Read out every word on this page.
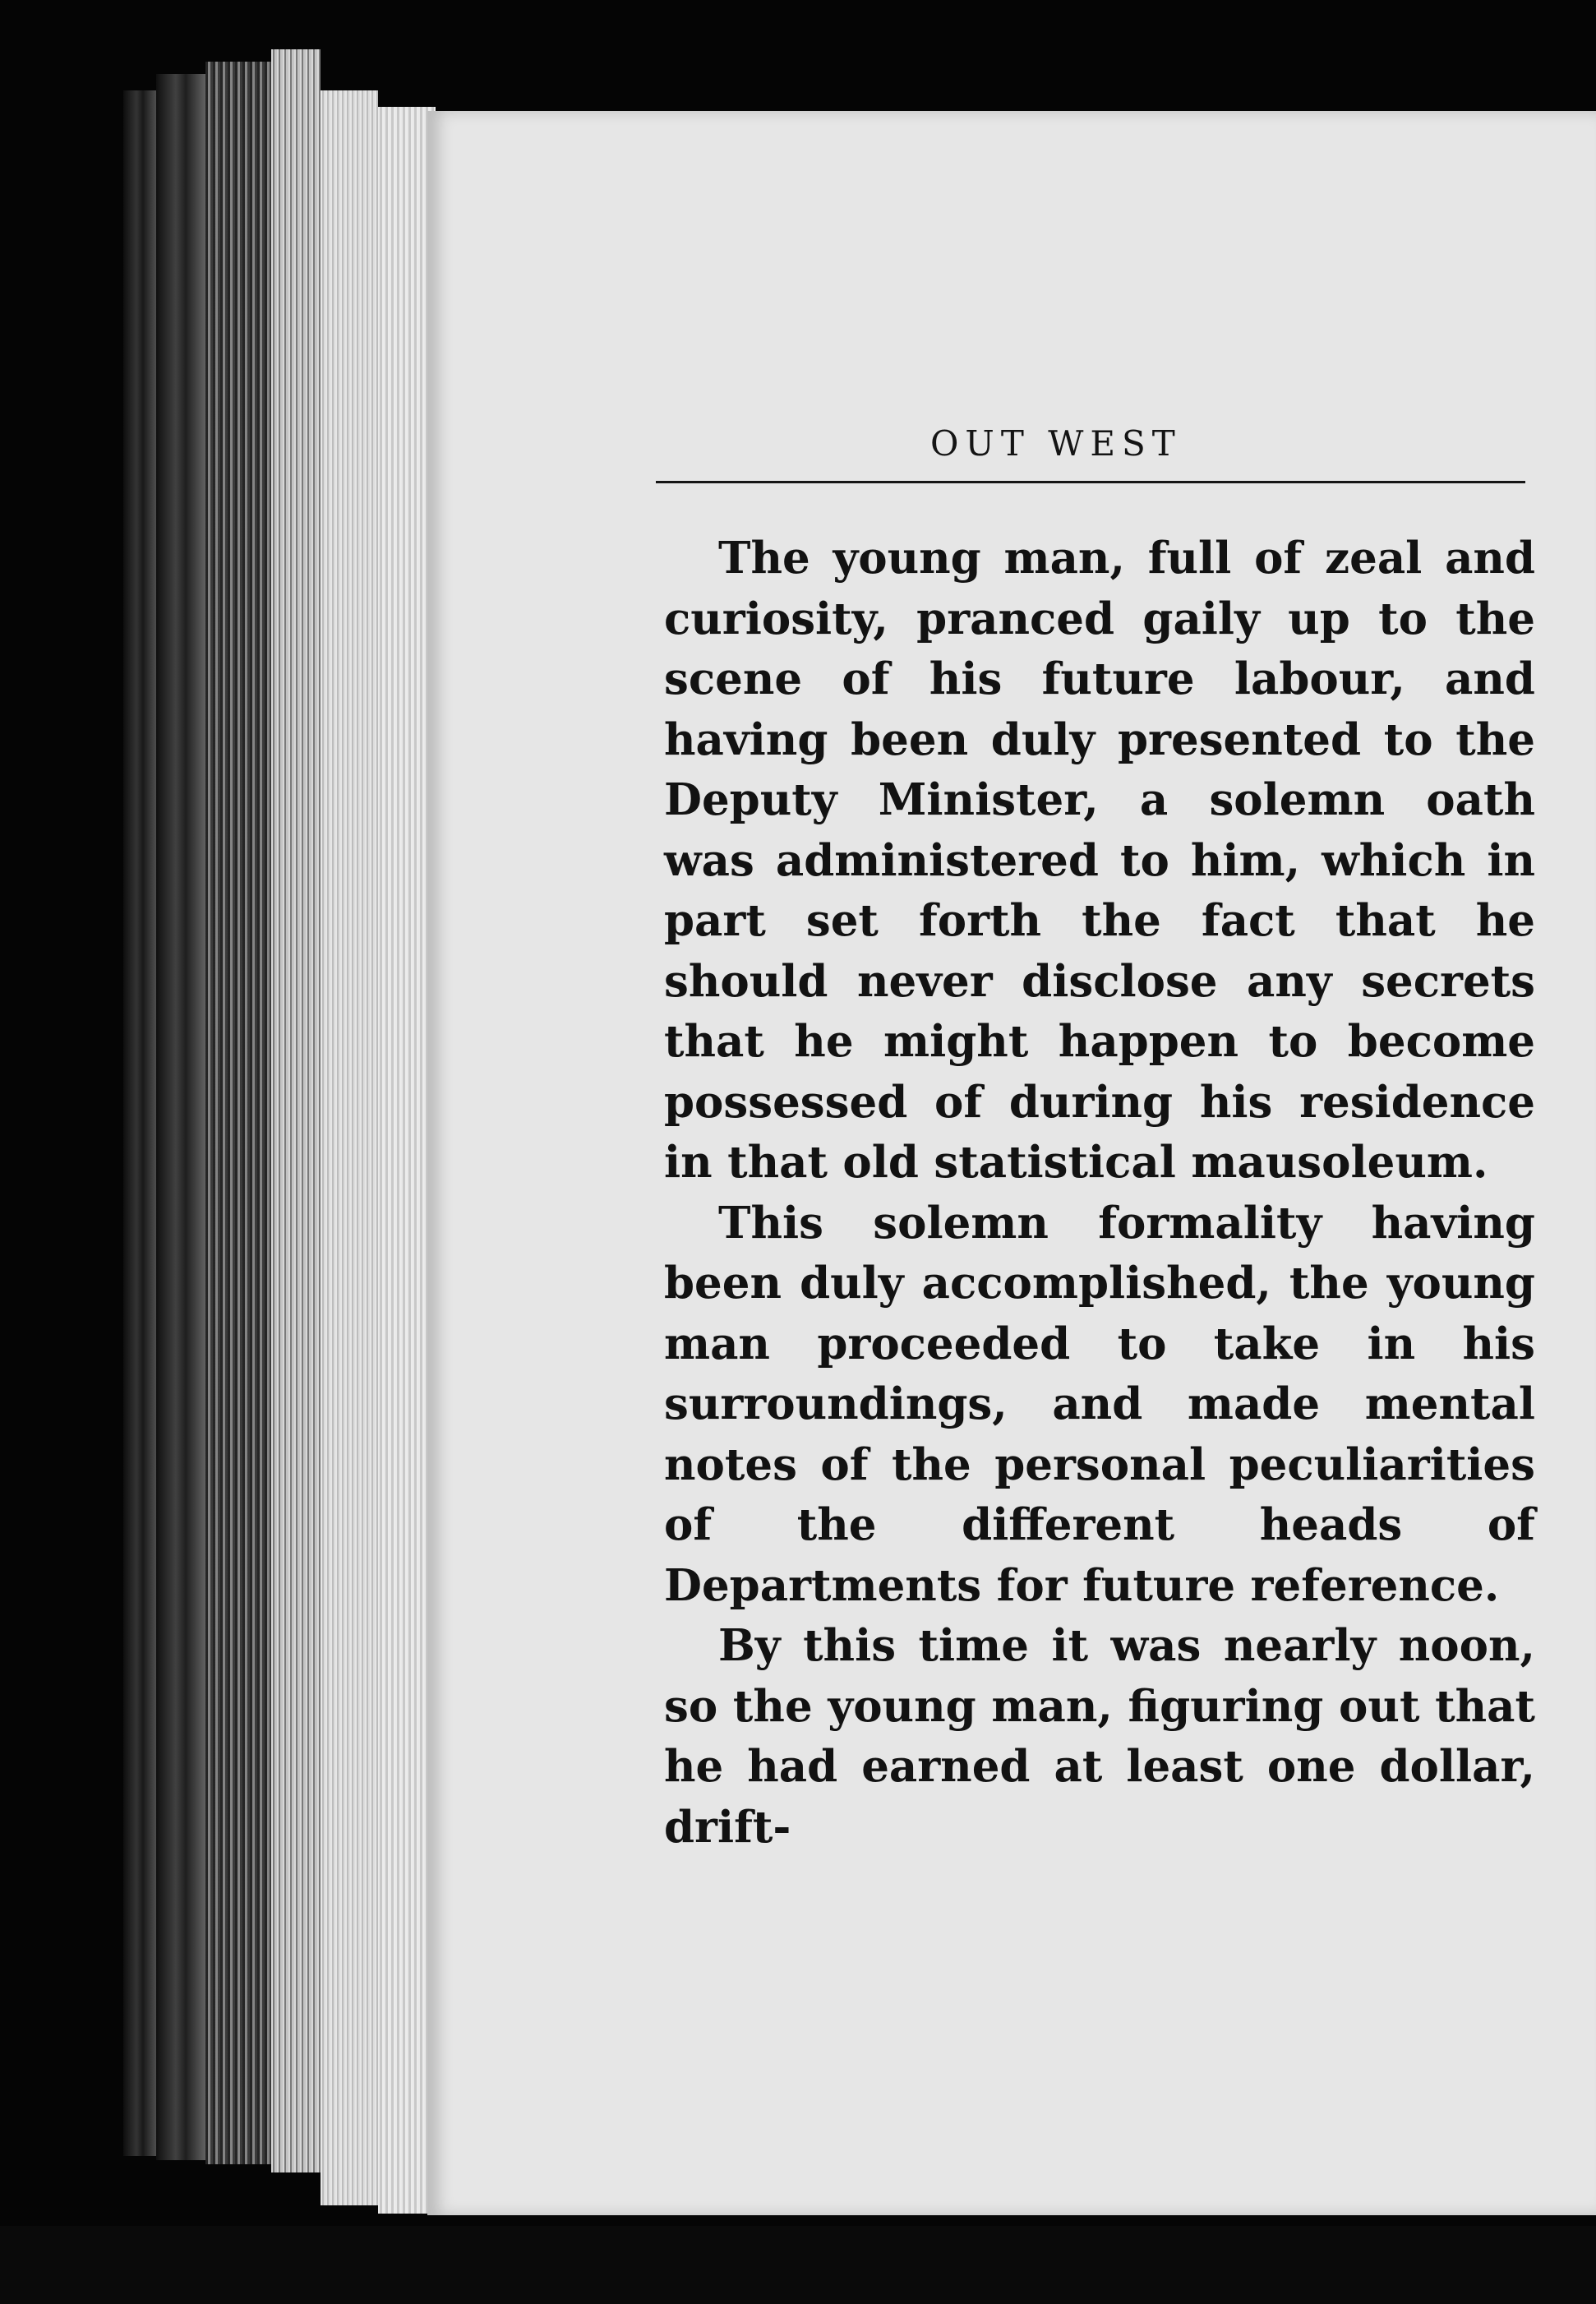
OUT WEST

The young man, full of zeal and curiosity, pranced gaily up to the scene of his future labour, and having been duly presented to the Deputy Minister, a solemn oath was administered to him, which in part set forth the fact that he should never disclose any secrets that he might happen to become possessed of during his residence in that old statistical mausoleum.

This solemn formality having been duly accomplished, the young man proceeded to take in his surroundings, and made mental notes of the personal peculiarities of the different heads of Departments for future reference.

By this time it was nearly noon, so the young man, figuring out that he had earned at least one dollar, drift-
